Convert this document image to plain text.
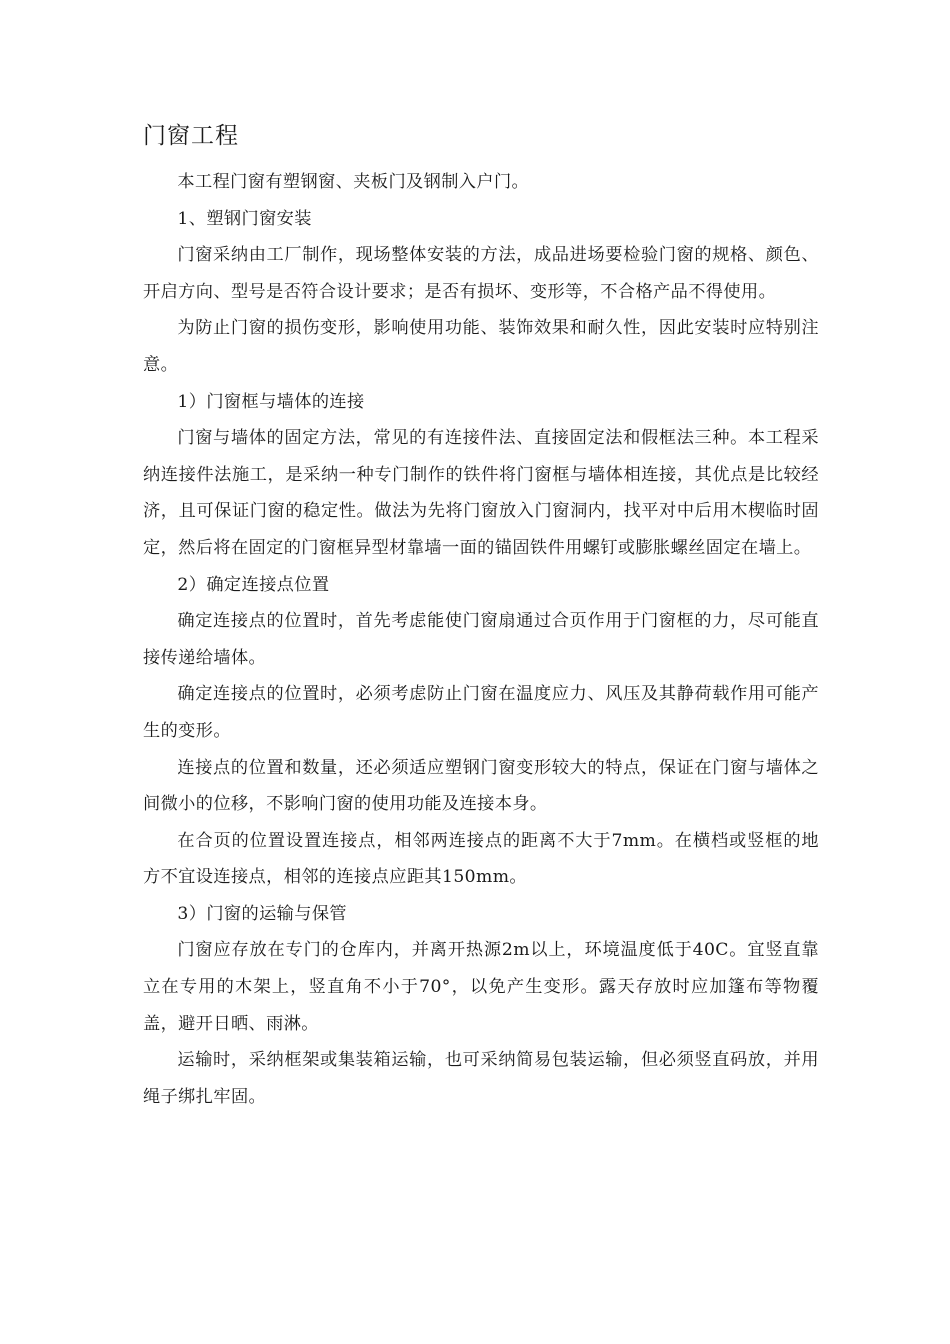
门窗工程

本工程门窗有塑钢窗、夹板门及钢制入户门。

1、塑钢门窗安装

门窗采纳由工厂制作，现场整体安装的方法，成品进场要检验门窗的规格、颜色、开启方向、型号是否符合设计要求；是否有损坏、变形等，不合格产品不得使用。

为防止门窗的损伤变形，影响使用功能、装饰效果和耐久性，因此安装时应特别注意。

1）门窗框与墙体的连接

门窗与墙体的固定方法，常见的有连接件法、直接固定法和假框法三种。本工程采纳连接件法施工，是采纳一种专门制作的铁件将门窗框与墙体相连接，其优点是比较经济，且可保证门窗的稳定性。做法为先将门窗放入门窗洞内，找平对中后用木楔临时固定，然后将在固定的门窗框异型材靠墙一面的锚固铁件用螺钉或膨胀螺丝固定在墙上。

2）确定连接点位置

确定连接点的位置时，首先考虑能使门窗扇通过合页作用于门窗框的力，尽可能直接传递给墙体。

确定连接点的位置时，必须考虑防止门窗在温度应力、风压及其静荷载作用可能产生的变形。

连接点的位置和数量，还必须适应塑钢门窗变形较大的特点，保证在门窗与墙体之间微小的位移，不影响门窗的使用功能及连接本身。

在合页的位置设置连接点，相邻两连接点的距离不大于7mm。在横档或竖框的地方不宜设连接点，相邻的连接点应距其150mm。

3）门窗的运输与保管

门窗应存放在专门的仓库内，并离开热源2m以上，环境温度低于40C。宜竖直靠立在专用的木架上，竖直角不小于70°，以免产生变形。露天存放时应加篷布等物覆盖，避开日晒、雨淋。

运输时，采纳框架或集装箱运输，也可采纳简易包装运输，但必须竖直码放，并用绳子绑扎牢固。
